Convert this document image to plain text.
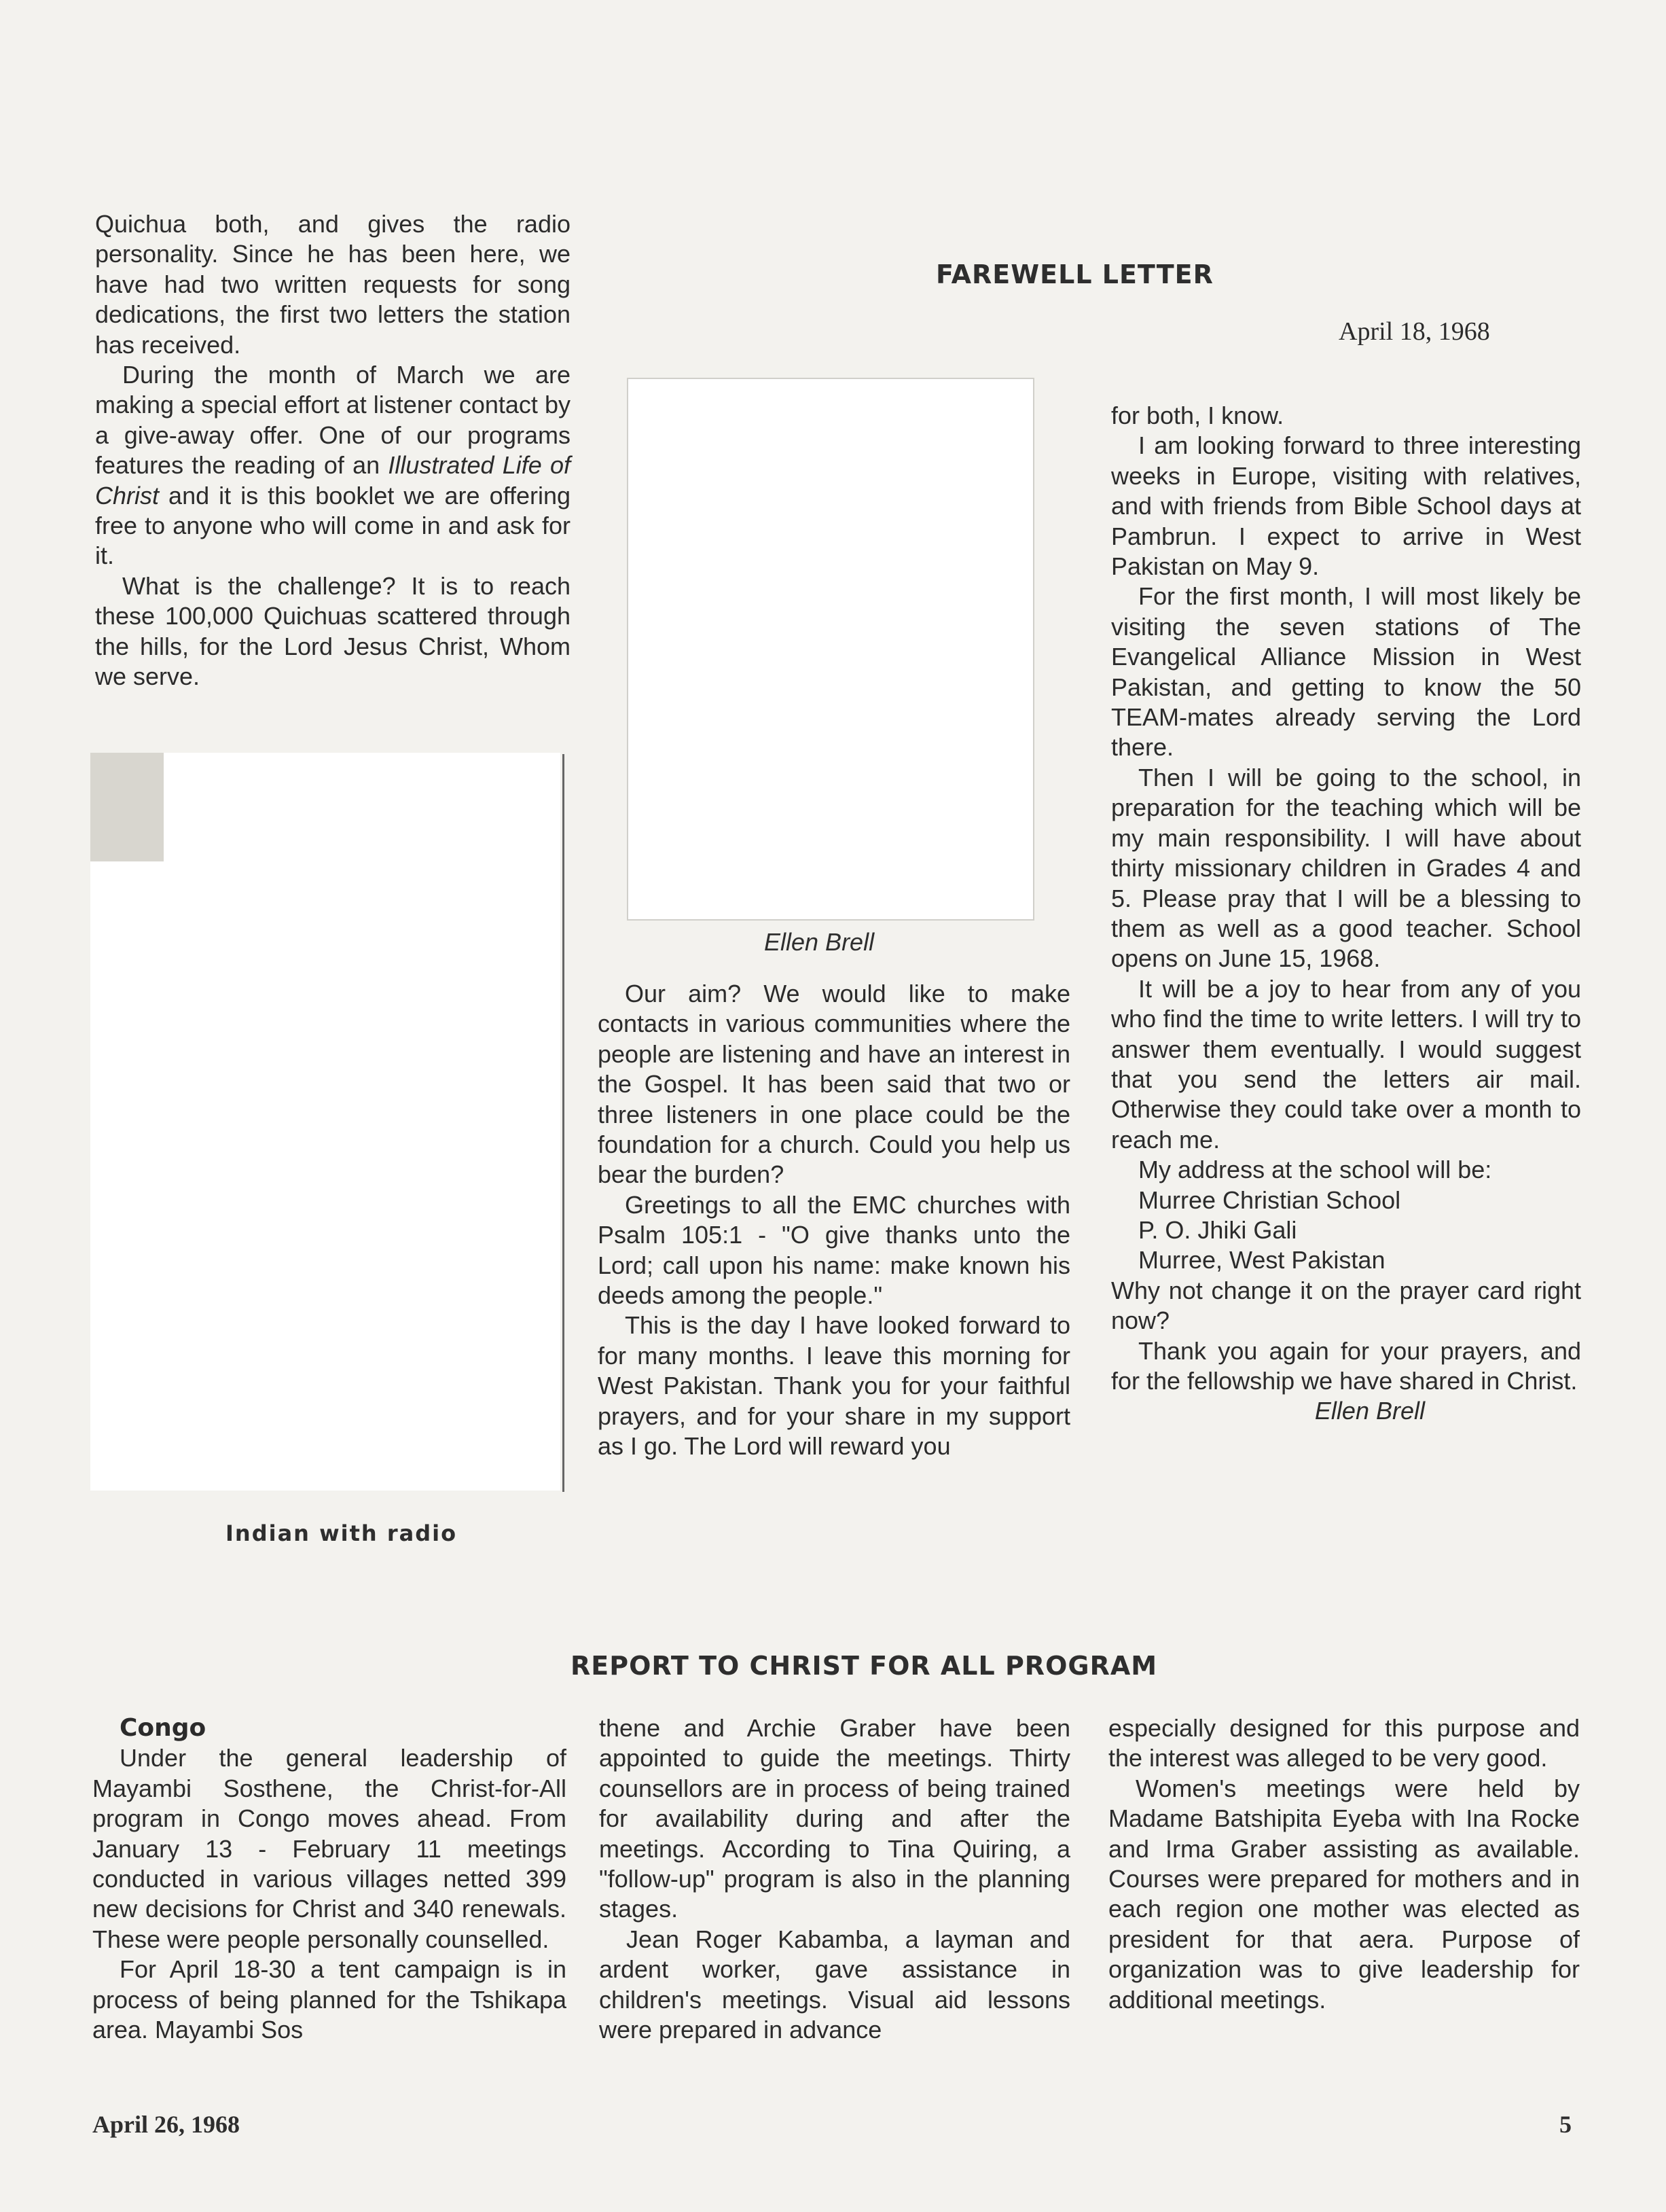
Quichua both, and gives the radio personality. Since he has been here, we have had two written requests for song dedications, the first two letters the station has received.

During the month of March we are making a special effort at listener contact by a give-away offer. One of our programs features the reading of an Illustrated Life of Christ and it is this booklet we are offering free to anyone who will come in and ask for it.

What is the challenge? It is to reach these 100,000 Quichuas scattered through the hills, for the Lord Jesus Christ, Whom we serve.

Indian with radio
FAREWELL LETTER
April 18, 1968
Ellen Brell

Our aim? We would like to make contacts in various communities where the people are listening and have an interest in the Gospel. It has been said that two or three listeners in one place could be the foundation for a church. Could you help us bear the burden?

Greetings to all the EMC churches with Psalm 105:1 - "O give thanks unto the Lord; call upon his name: make known his deeds among the people."

This is the day I have looked forward to for many months. I leave this morning for West Pakistan. Thank you for your faithful prayers, and for your share in my support as I go. The Lord will reward you

for both, I know.

I am looking forward to three interesting weeks in Europe, visiting with relatives, and with friends from Bible School days at Pambrun. I expect to arrive in West Pakistan on May 9.

For the first month, I will most likely be visiting the seven stations of The Evangelical Alliance Mission in West Pakistan, and getting to know the 50 TEAM-mates already serving the Lord there.

Then I will be going to the school, in preparation for the teaching which will be my main responsibility. I will have about thirty missionary children in Grades 4 and 5. Please pray that I will be a blessing to them as well as a good teacher. School opens on June 15, 1968.

It will be a joy to hear from any of you who find the time to write letters. I will try to answer them eventually. I would suggest that you send the letters air mail. Otherwise they could take over a month to reach me.

My address at the school will be:

Murree Christian School

P. O. Jhiki Gali

Murree, West Pakistan

Why not change it on the prayer card right now?

Thank you again for your prayers, and for the fellowship we have shared in Christ.

Ellen Brell

REPORT TO CHRIST FOR ALL PROGRAM

Congo

Under the general leadership of Mayambi Sosthene, the Christ-for-All program in Congo moves ahead. From January 13 - February 11 meetings conducted in various villages netted 399 new decisions for Christ and 340 renewals. These were people personally counselled.

For April 18-30 a tent campaign is in process of being planned for the Tshikapa area. Mayambi Sos

thene and Archie Graber have been appointed to guide the meetings. Thirty counsellors are in process of being trained for availability during and after the meetings. According to Tina Quiring, a "follow-up" program is also in the planning stages.

Jean Roger Kabamba, a layman and ardent worker, gave assistance in children's meetings. Visual aid lessons were prepared in advance

especially designed for this purpose and the interest was alleged to be very good.

Women's meetings were held by Madame Batshipita Eyeba with Ina Rocke and Irma Graber assisting as available. Courses were prepared for mothers and in each region one mother was elected as president for that aera. Purpose of organization was to give leadership for additional meetings.

April 26, 1968	5
